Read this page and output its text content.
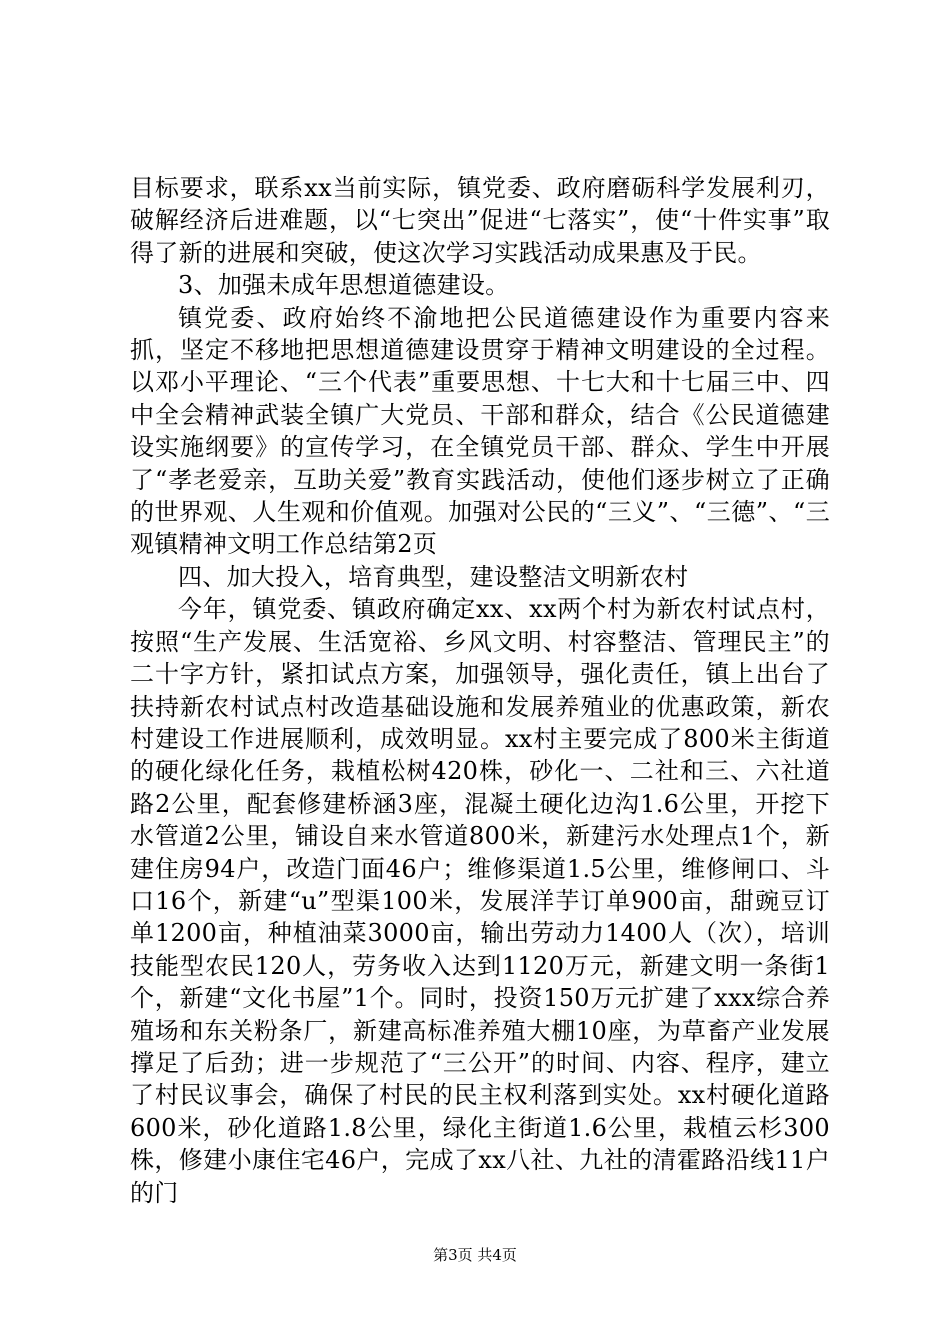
目标要求，联系xx当前实际，镇党委、政府磨砺科学发展利刃，破解经济后进难题，以“七突出”促进“七落实”，使“十件实事”取得了新的进展和突破，使这次学习实践活动成果惠及于民。

3、加强未成年思想道德建设。

镇党委、政府始终不渝地把公民道德建设作为重要内容来抓，坚定不移地把思想道德建设贯穿于精神文明建设的全过程。以邓小平理论、“三个代表”重要思想、十七大和十七届三中、四中全会精神武装全镇广大党员、干部和群众，结合《公民道德建设实施纲要》的宣传学习，在全镇党员干部、群众、学生中开展了“孝老爱亲，互助关爱”教育实践活动，使他们逐步树立了正确的世界观、人生观和价值观。加强对公民的“三义”、“三德”、“三观镇精神文明工作总结第2页

四、加大投入，培育典型，建设整洁文明新农村

今年，镇党委、镇政府确定xx、xx两个村为新农村试点村，按照“生产发展、生活宽裕、乡风文明、村容整洁、管理民主”的二十字方针，紧扣试点方案，加强领导，强化责任，镇上出台了扶持新农村试点村改造基础设施和发展养殖业的优惠政策，新农村建设工作进展顺利，成效明显。xx村主要完成了800米主街道的硬化绿化任务，栽植松树420株，砂化一、二社和三、六社道路2公里，配套修建桥涵3座，混凝土硬化边沟1.6公里，开挖下水管道2公里，铺设自来水管道800米，新建污水处理点1个，新建住房94户，改造门面46户；维修渠道1.5公里，维修闸口、斗口16个，新建“u”型渠100米，发展洋芋订单900亩，甜豌豆订单1200亩，种植油菜3000亩，输出劳动力1400人（次），培训技能型农民120人，劳务收入达到1120万元，新建文明一条街1个，新建“文化书屋”1个。同时，投资150万元扩建了xxx综合养殖场和东关粉条厂，新建高标准养殖大棚10座，为草畜产业发展撑足了后劲；进一步规范了“三公开”的时间、内容、程序，建立了村民议事会，确保了村民的民主权利落到实处。xx村硬化道路600米，砂化道路1.8公里，绿化主街道1.6公里，栽植云杉300株，修建小康住宅46户，完成了xx八社、九社的清霍路沿线11户的门

第3页 共4页
